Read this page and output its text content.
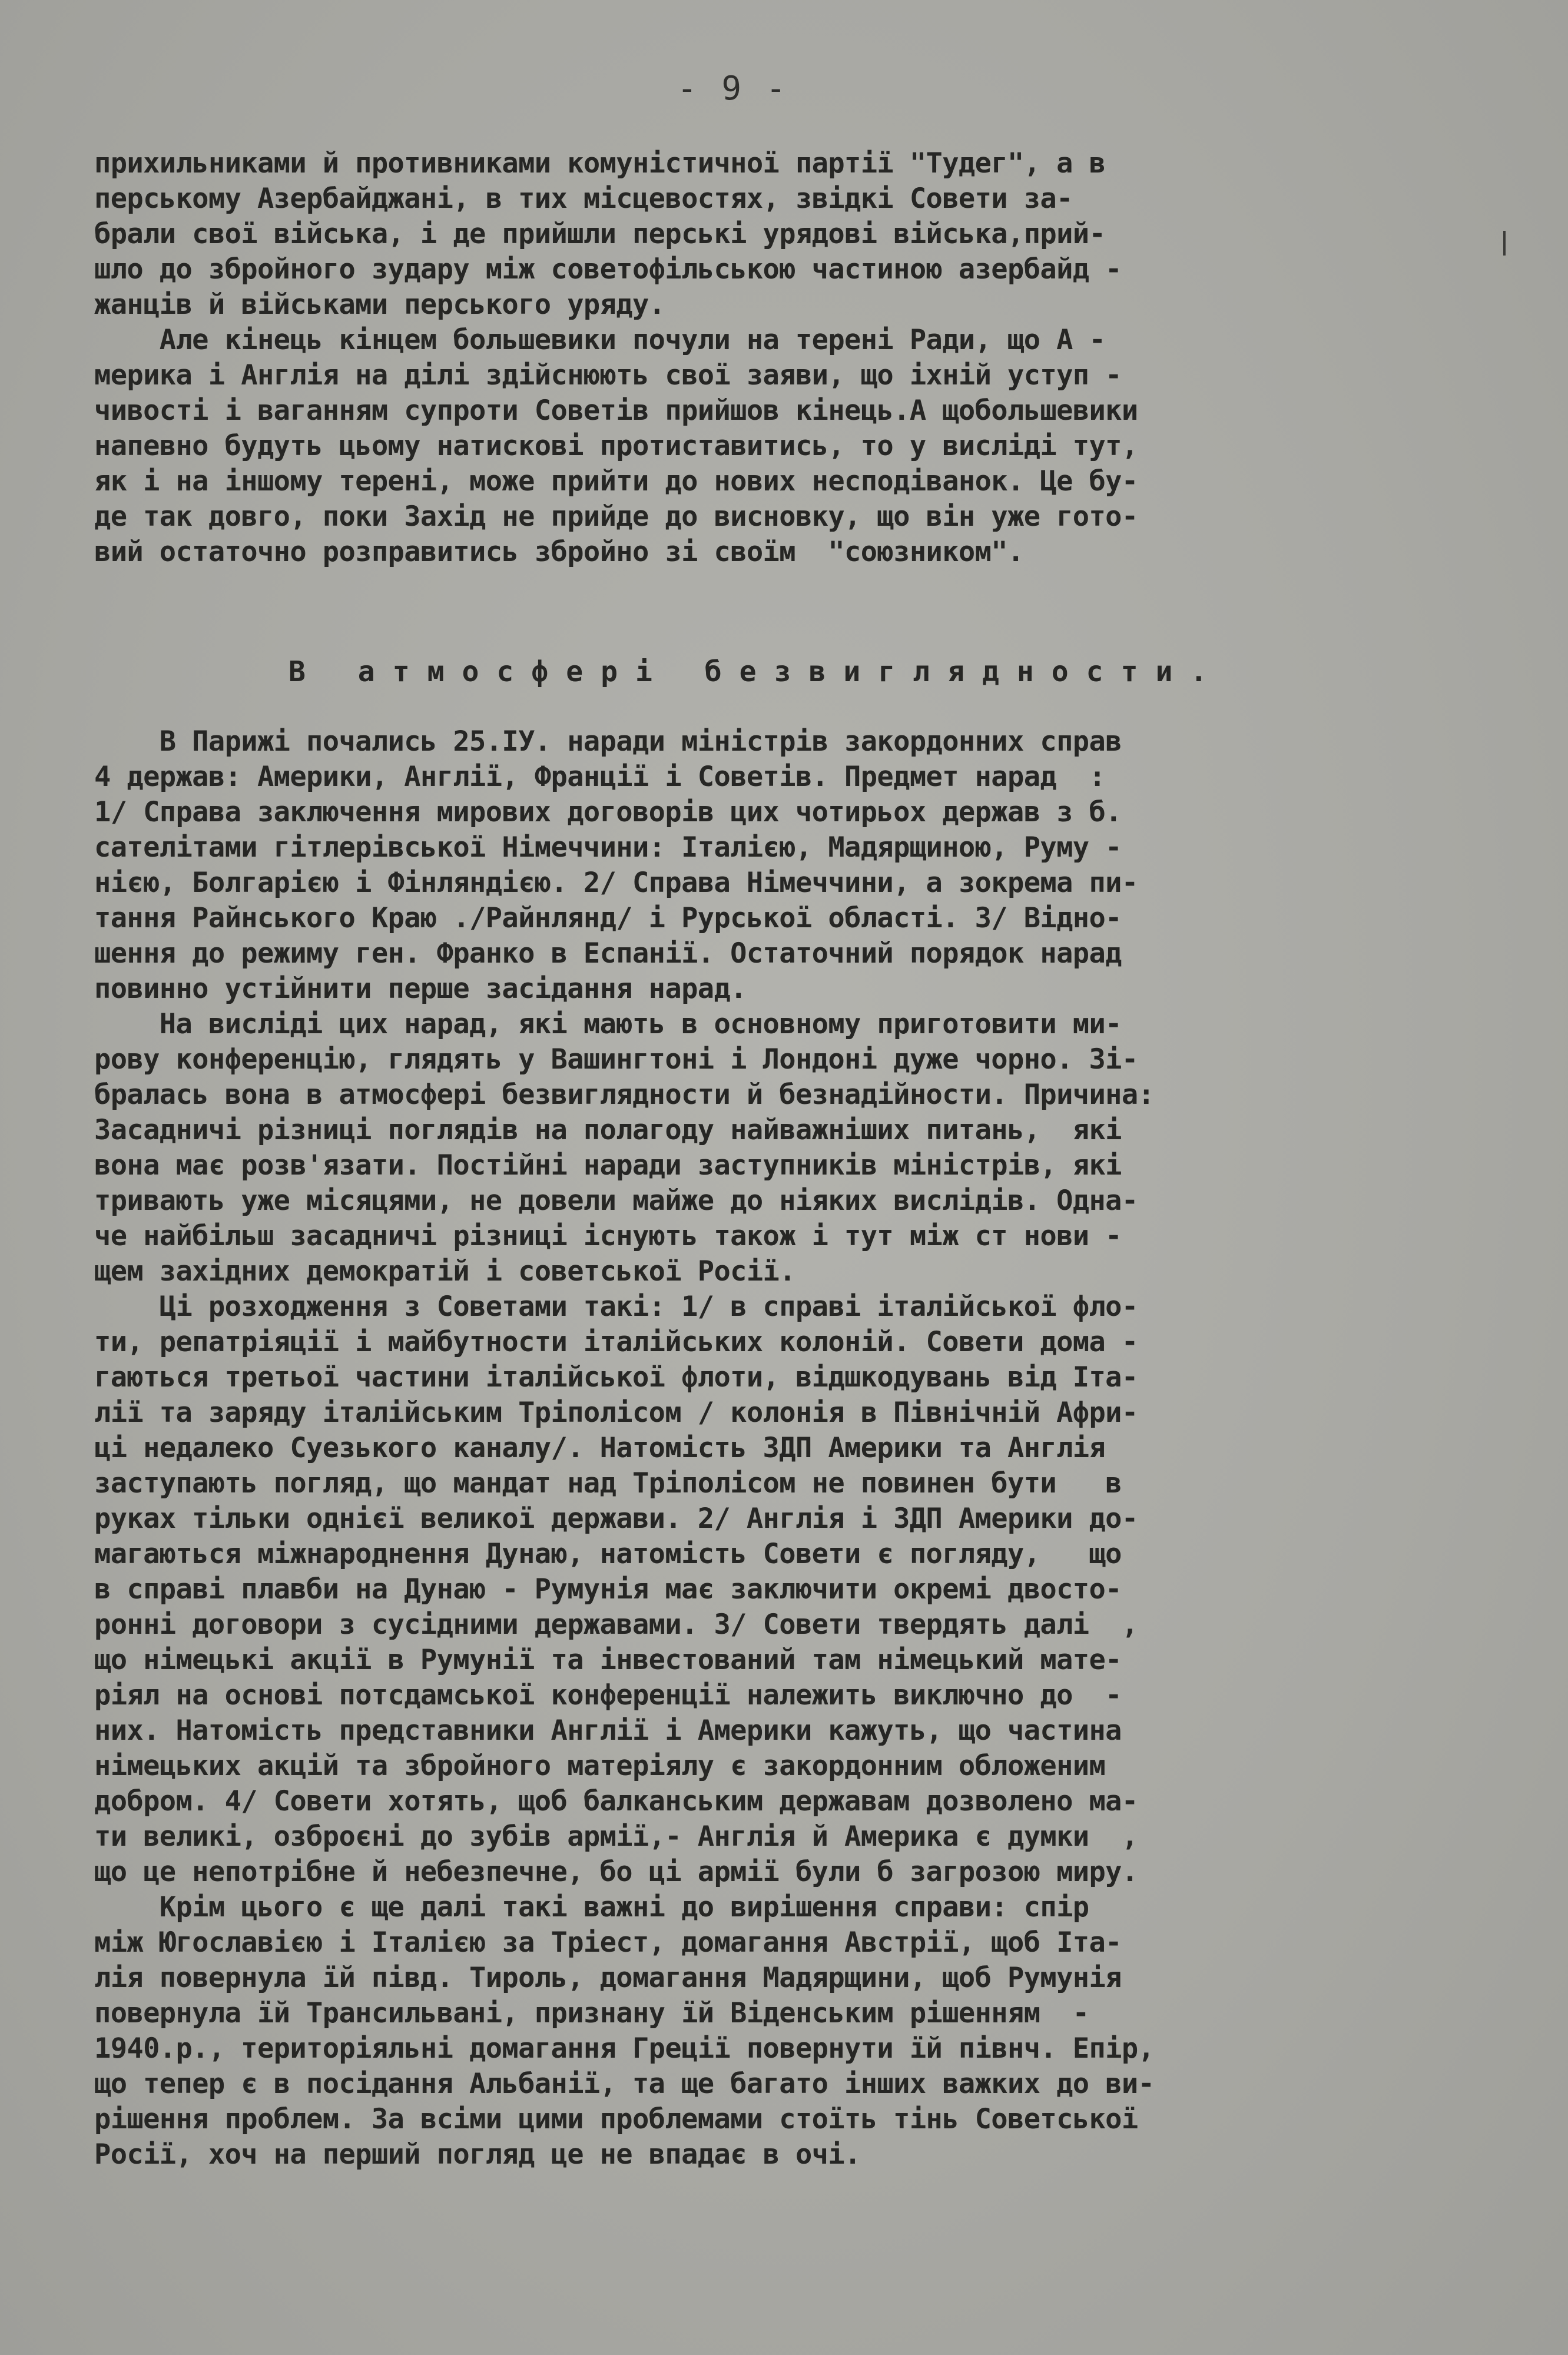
- 9 -
прихильниками й противниками комуністичної партії "Тудег", а в
перському Азербайджані, в тих місцевостях, звідкі Совети за-
брали свої війська, і де прийшли перські урядові війська,прий-
шло до збройного зудару між советофільською частиною азербайд -
жанців й військами перського уряду.
Але кінець кінцем большевики почули на терені Ради, що А -
мерика і Англія на ділі здійснюють свої заяви, що іхній уступ -
чивості і ваганням супроти Советів прийшов кінець.А щобольшевики
напевно будуть цьому натискові протиставитись, то у висліді тут,
як і на іншому терені, може прийти до нових несподіванок. Це бу-
де так довго, поки Захід не прийде до висновку, що він уже гото-
вий остаточно розправитись збройно зі своїм  "союзником".
В атмосфері безвиглядности.
В Парижі почались 25.IУ. наради міністрів закордонних справ
4 держав: Америки, Англії, Франції і Советів. Предмет нарад  :
1/ Справа заключення мирових договорів цих чотирьох держав з б.
сателітами гітлерівської Німеччини: Італією, Мадярщиною, Руму -
нією, Болгарією і Фінляндією. 2/ Справа Німеччини, а зокрема пи-
тання Райнського Краю ./Райнлянд/ і Рурської області. 3/ Відно-
шення до режиму ген. Франко в Еспанії. Остаточний порядок нарад
повинно устійнити перше засідання нарад.
На висліді цих нарад, які мають в основному приготовити ми-
рову конференцію, глядять у Вашингтоні і Лондоні дуже чорно. Зі-
бралась вона в атмосфері безвиглядности й безнадійности. Причина:
Засадничі різниці поглядів на полагоду найважніших питань,  які
вона має розв'язати. Постійні наради заступників міністрів, які
тривають уже місяцями, не довели майже до ніяких вислідів. Одна-
че найбільш засадничі різниці існують також і тут між ст нови -
щем західних демократій і советської Росії.
Ці розходження з Советами такі: 1/ в справі італійської фло-
ти, репатріяції і майбутности італійських колоній. Совети дома -
гаються третьої частини італійської флоти, відшкодувань від Іта-
лії та заряду італійським Тріполісом / колонія в Північній Афри-
ці недалеко Суезького каналу/. Натомість ЗДП Америки та Англія
заступають погляд, що мандат над Тріполісом не повинен бути   в
руках тільки однієї великої держави. 2/ Англія і ЗДП Америки до-
магаються міжнароднення Дунаю, натомість Совети є погляду,   що
в справі плавби на Дунаю - Румунія має заключити окремі двосто-
ронні договори з сусідними державами. 3/ Совети твердять далі  ,
що німецькі акції в Румунії та інвестований там німецький мате-
ріял на основі потсдамської конференції належить виключно до  -
них. Натомість представники Англії і Америки кажуть, що частина
німецьких акцій та збройного матеріялу є закордонним обложеним
добром. 4/ Совети хотять, щоб балканським державам дозволено ма-
ти великі, озброєні до зубів армії,- Англія й Америка є думки  ,
що це непотрібне й небезпечне, бо ці армії були б загрозою миру.
Крім цього є ще далі такі важні до вирішення справи: спір
між Югославією і Італією за Тріест, домагання Австрії, щоб Іта-
лія повернула їй півд. Тироль, домагання Мадярщини, щоб Румунія
повернула їй Трансильвані, признану їй Віденським рішенням  -
1940.р., територіяльні домагання Греції повернути їй півнч. Епір,
що тепер є в посідання Альбанії, та ще багато інших важких до ви-
рішення проблем. За всіми цими проблемами стоїть тінь Советської
Росії, хоч на перший погляд це не впадає в очі.
